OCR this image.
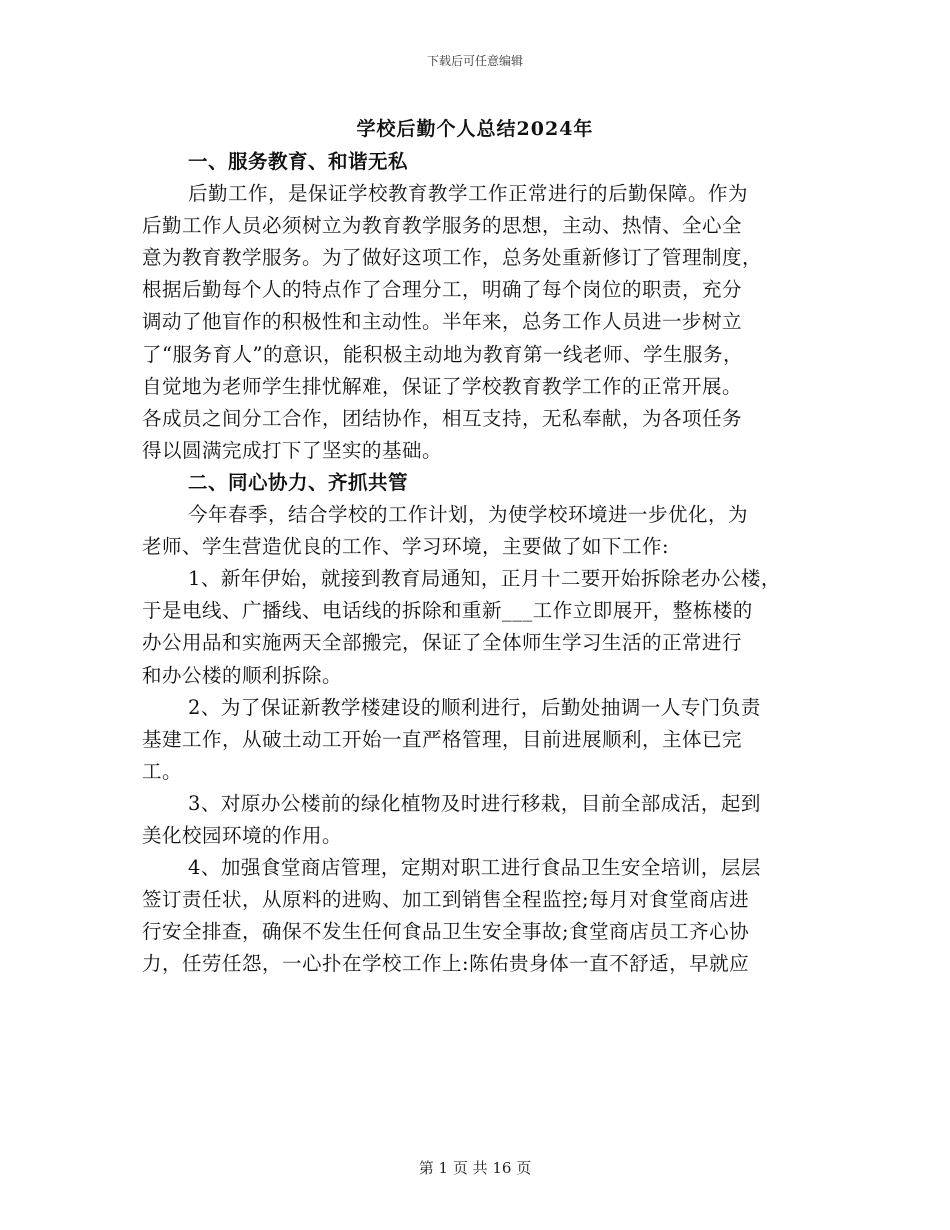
下载后可任意编辑
学校后勤个人总结2024年
一、服务教育、和谐无私
后勤工作，是保证学校教育教学工作正常进行的后勤保障。作为
后勤工作人员必须树立为教育教学服务的思想，主动、热情、全心全
意为教育教学服务。为了做好这项工作，总务处重新修订了管理制度，
根据后勤每个人的特点作了合理分工，明确了每个岗位的职责，充分
调动了他盲作的积极性和主动性。半年来，总务工作人员进一步树立
了“服务育人”的意识，能积极主动地为教育第一线老师、学生服务，
自觉地为老师学生排忧解难，保证了学校教育教学工作的正常开展。
各成员之间分工合作，团结协作，相互支持，无私奉献，为各项任务
得以圆满完成打下了坚实的基础。
二、同心协力、齐抓共管
今年春季，结合学校的工作计划，为使学校环境进一步优化，为
老师、学生营造优良的工作、学习环境，主要做了如下工作:
1、新年伊始，就接到教育局通知，正月十二要开始拆除老办公楼，
于是电线、广播线、电话线的拆除和重新___工作立即展开，整栋楼的
办公用品和实施两天全部搬完，保证了全体师生学习生活的正常进行
和办公楼的顺利拆除。
2、为了保证新教学楼建设的顺利进行，后勤处抽调一人专门负责
基建工作，从破土动工开始一直严格管理，目前进展顺利，主体已完
工。
3、对原办公楼前的绿化植物及时进行移栽，目前全部成活，起到
美化校园环境的作用。
4、加强食堂商店管理，定期对职工进行食品卫生安全培训，层层
签订责任状，从原料的进购、加工到销售全程监控;每月对食堂商店进
行安全排查，确保不发生任何食品卫生安全事故;食堂商店员工齐心协
力，任劳任怨，一心扑在学校工作上:陈佑贵身体一直不舒适，早就应
第 1 页 共 16 页
